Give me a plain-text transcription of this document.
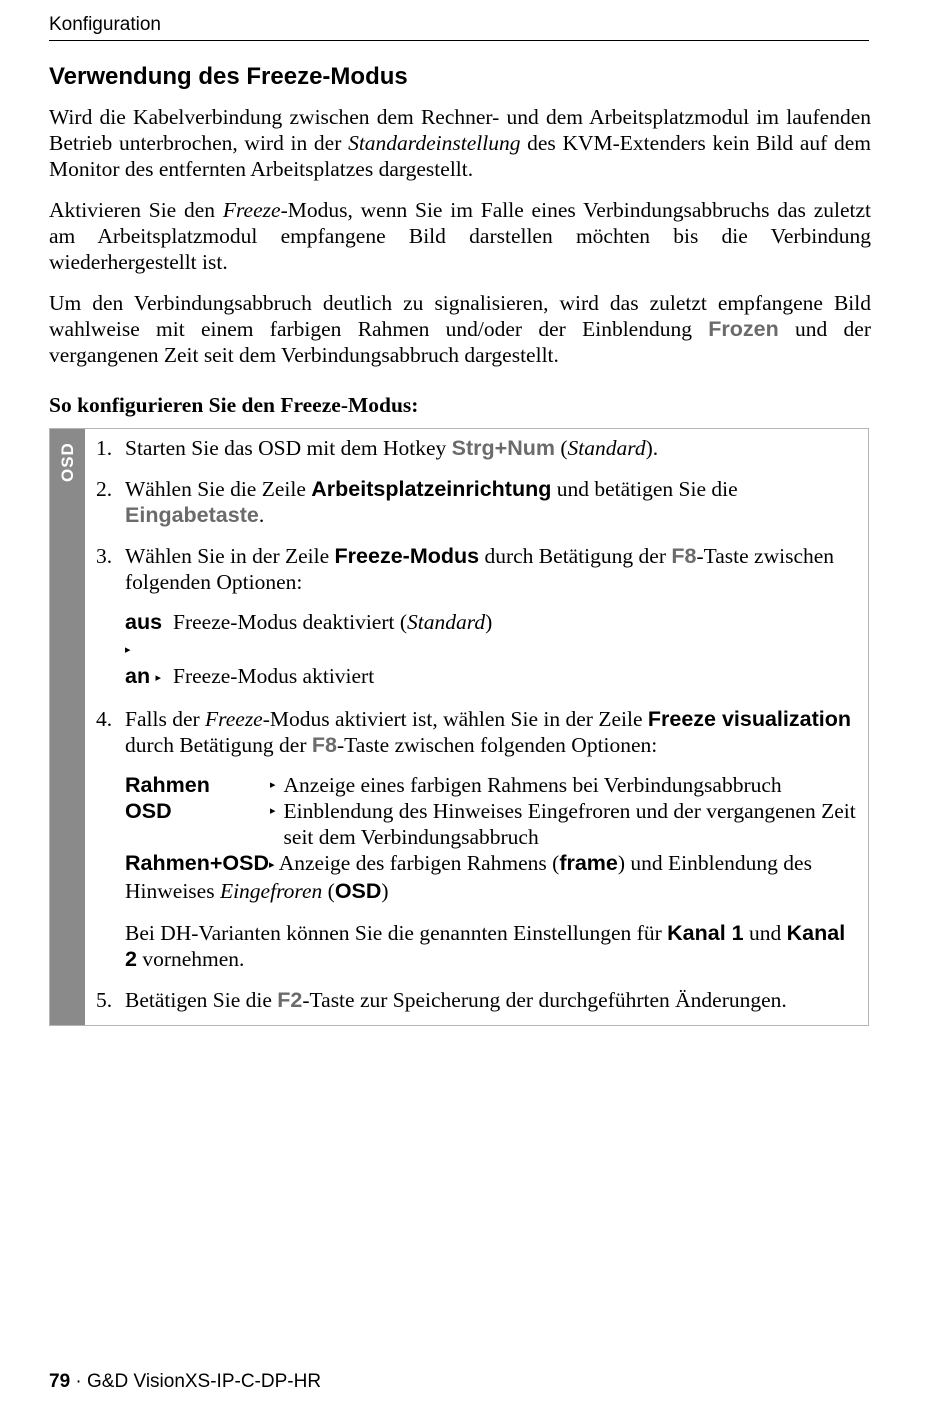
Konfiguration
Verwendung des Freeze-Modus

Wird die Kabelverbindung zwischen dem Rechner- und dem Arbeitsplatzmodul im laufenden Betrieb unterbrochen, wird in der Standardeinstellung des KVM-Extenders kein Bild auf dem Monitor des entfernten Arbeitsplatzes dargestellt.

Aktivieren Sie den Freeze-Modus, wenn Sie im Falle eines Verbindungsabbruchs das zuletzt am Arbeitsplatzmodul empfangene Bild darstellen möchten bis die Verbindung wiederhergestellt ist.

Um den Verbindungsabbruch deutlich zu signalisieren, wird das zuletzt empfangene Bild wahlweise mit einem farbigen Rahmen und/oder der Einblendung Frozen und der vergangenen Zeit seit dem Verbindungsabbruch dargestellt.

So konfigurieren Sie den Freeze-Modus:
OSD 1. Starten Sie das OSD mit dem Hotkey Strg+Num (Standard).
2. Wählen Sie die Zeile Arbeitsplatzeinrichtung und betätigen Sie die Eingabetaste.
3. Wählen Sie in der Zeile Freeze-Modus durch Betätigung der F8-Taste zwischen folgenden Optionen:
aus▸
Freeze-Modus deaktiviert (Standard)
an ▸ Freeze-Modus aktiviert
4. Falls der Freeze-Modus aktiviert ist, wählen Sie in der Zeile Freeze visualization durch Betätigung der F8-Taste zwischen folgenden Optionen:
Rahmen	▸ Anzeige eines farbigen Rahmens bei Verbindungsabbruch
OSD	▸ Einblendung des Hinweises Eingefroren und der vergangenen Zeit seit dem Verbindungsabbruch
Rahmen+OSD▸ Anzeige des farbigen Rahmens (frame) und Einblendung des Hinweises Eingefroren (OSD)
Bei DH-Varianten können Sie die genannten Einstellungen für Kanal 1 und Kanal 2 vornehmen.
5. Betätigen Sie die F2-Taste zur Speicherung der durchgeführten Änderungen.
79 · G&D VisionXS-IP-C-DP-HR
